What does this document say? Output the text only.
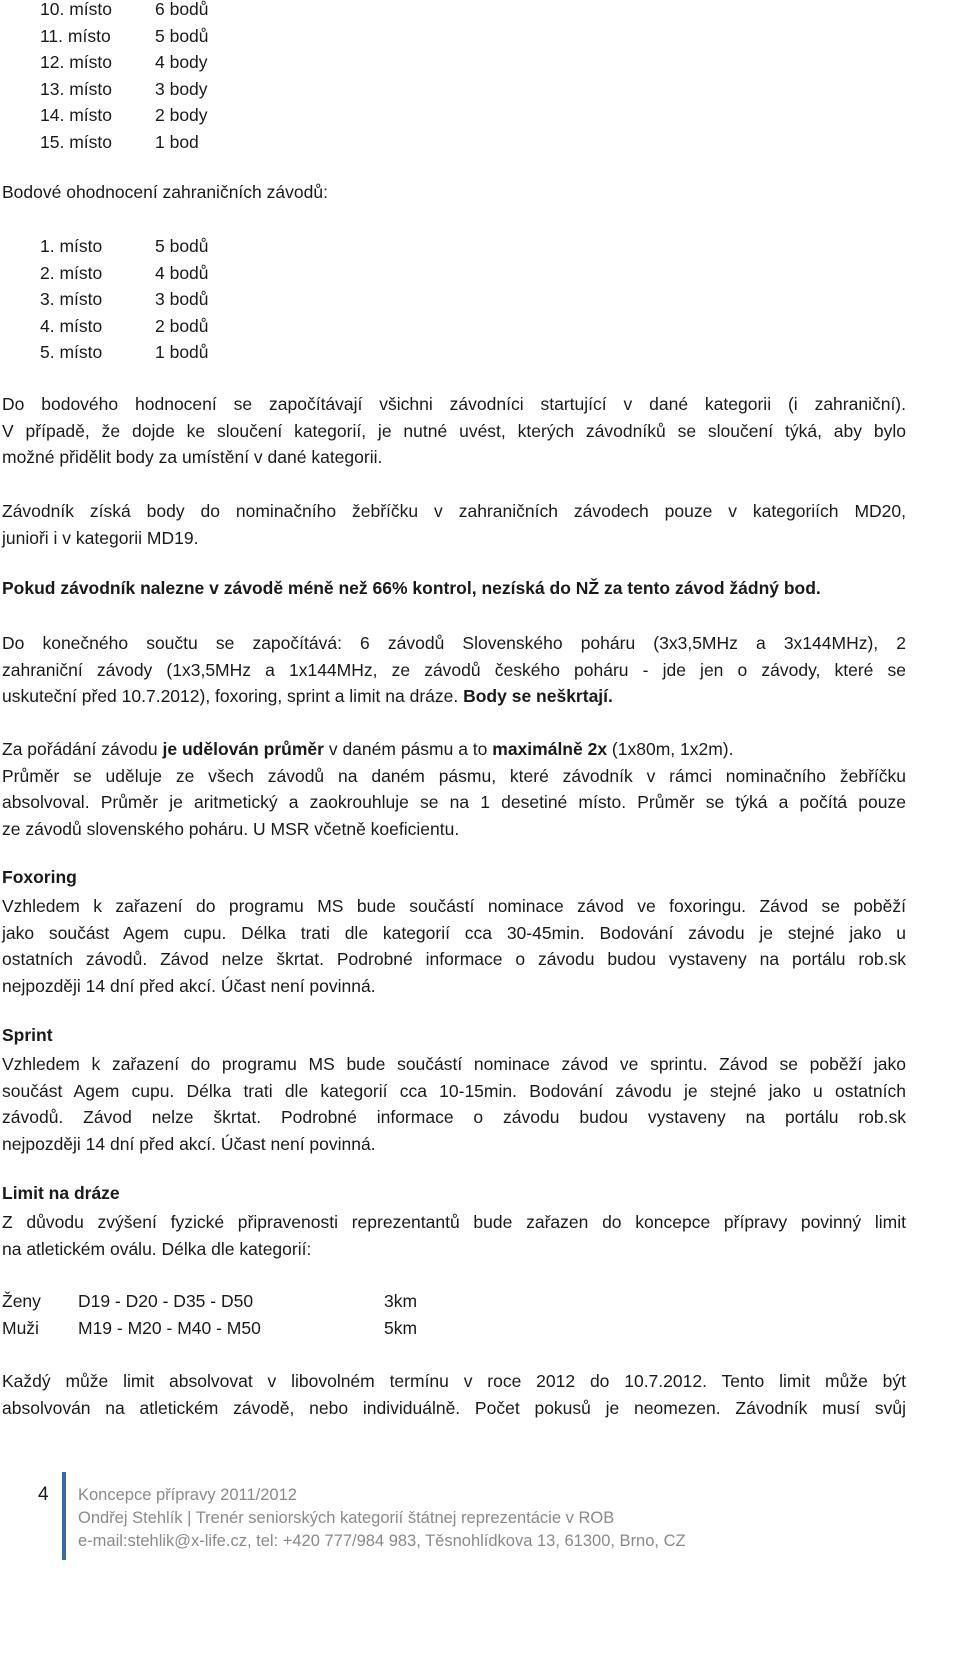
10. místo	6 bodů
11. místo	5 bodů
12. místo	4 body
13. místo	3 body
14. místo	2 body
15. místo	1 bod
Bodové ohodnocení zahraničních závodů:
1. místo	5 bodů
2. místo	4 bodů
3. místo	3 bodů
4. místo	2 bodů
5. místo	1 bodů
Do bodového hodnocení se započítávají všichni závodníci startující v dané kategorii (i zahraniční).
V případě, že dojde ke sloučení kategorií, je nutné uvést, kterých závodníků se sloučení týká, aby bylo
možné přidělit body za umístění v dané kategorii.
Závodník získá body do nominačního žebříčku v zahraničních závodech pouze v kategoriích MD20,
junioři i v kategorii MD19.
Pokud závodník nalezne v závodě méně než 66% kontrol, nezíská do NŽ za tento závod žádný bod.
Do konečného součtu se započítává: 6 závodů Slovenského poháru (3x3,5MHz a 3x144MHz), 2
zahraniční závody (1x3,5MHz a 1x144MHz, ze závodů českého poháru - jde jen o závody, které se
uskuteční před 10.7.2012), foxoring, sprint a limit na dráze. Body se neškrtají.
Za pořádání závodu je udělován průměr v daném pásmu a to maximálně 2x (1x80m, 1x2m).
Průměr se uděluje ze všech závodů na daném pásmu, které závodník v rámci nominačního žebříčku
absolvoval. Průměr je aritmetický a zaokrouhluje se na 1 desetiné místo. Průměr se týká a počítá pouze
ze závodů slovenského poháru. U MSR včetně koeficientu.
Foxoring
Vzhledem k zařazení do programu MS bude součástí nominace závod ve foxoringu. Závod se poběží
jako součást Agem cupu. Délka trati dle kategorií cca 30-45min. Bodování závodu je stejné jako u
ostatních závodů. Závod nelze škrtat. Podrobné informace o závodu budou vystaveny na portálu rob.sk
nejpozději 14 dní před akcí. Účast není povinná.
Sprint
Vzhledem k zařazení do programu MS bude součástí nominace závod ve sprintu. Závod se poběží jako
součást Agem cupu. Délka trati dle kategorií cca 10-15min. Bodování závodu je stejné jako u ostatních
závodů. Závod nelze škrtat. Podrobné informace o závodu budou vystaveny na portálu rob.sk
nejpozději 14 dní před akcí. Účast není povinná.
Limit na dráze
Z důvodu zvýšení fyzické připravenosti reprezentantů bude zařazen do koncepce přípravy povinný limit
na atletickém oválu. Délka dle kategorií:
Ženy	D19 - D20 - D35 - D50	3km
Muži	M19 - M20 - M40 - M50	5km
Každý může limit absolvovat v libovolném termínu v roce 2012 do 10.7.2012. Tento limit může být
absolvován na atletickém závodě, nebo individuálně. Počet pokusů je neomezen. Závodník musí svůj
4 Koncepce přípravy 2011/2012
Ondřej Stehlík | Trenér seniorských kategorií štátnej reprezentácie v ROB
e-mail:stehlik@x-life.cz, tel: +420 777/984 983, Těsnohlídkova 13, 61300, Brno, CZ
